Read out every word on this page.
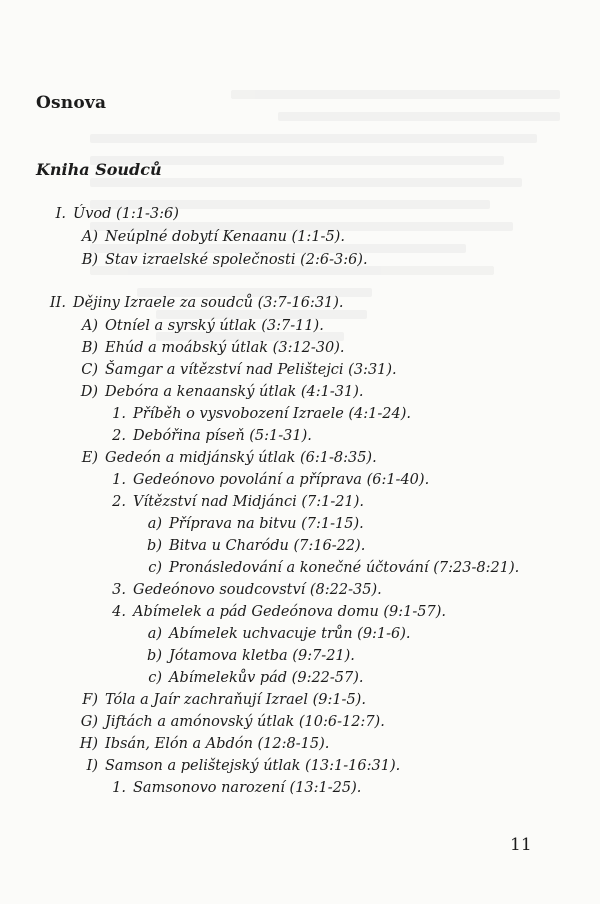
Osnova
Kniha Soudců
I. Úvod (1:1-3:6)
A) Neúplné dobytí Kenaanu (1:1-5).
B) Stav izraelské společnosti (2:6-3:6).
II. Dějiny Izraele za soudců (3:7-16:31).
A) Otníel a syrský útlak (3:7-11).
B) Ehúd a moábský útlak (3:12-30).
C) Šamgar a vítězství nad Pelištejci (3:31).
D) Debóra a kenaanský útlak (4:1-31).
1. Příběh o vysvobození Izraele (4:1-24).
2. Debóřina píseň (5:1-31).
E) Gedeón a midjánský útlak (6:1-8:35).
1. Gedeónovo povolání a příprava (6:1-40).
2. Vítězství nad Midjánci (7:1-21).
a) Příprava na bitvu (7:1-15).
b) Bitva u Charódu (7:16-22).
c) Pronásledování a konečné účtování (7:23-8:21).
3. Gedeónovo soudcovství (8:22-35).
4. Abímelek a pád Gedeónova domu (9:1-57).
a) Abímelek uchvacuje trůn (9:1-6).
b) Jótamova kletba (9:7-21).
c) Abímelekův pád (9:22-57).
F) Tóla a Jaír zachraňují Izrael (9:1-5).
G) Jiftách a amónovský útlak (10:6-12:7).
H) Ibsán, Elón a Abdón (12:8-15).
I) Samson a pelištejský útlak (13:1-16:31).
1. Samsonovo narození (13:1-25).
11
